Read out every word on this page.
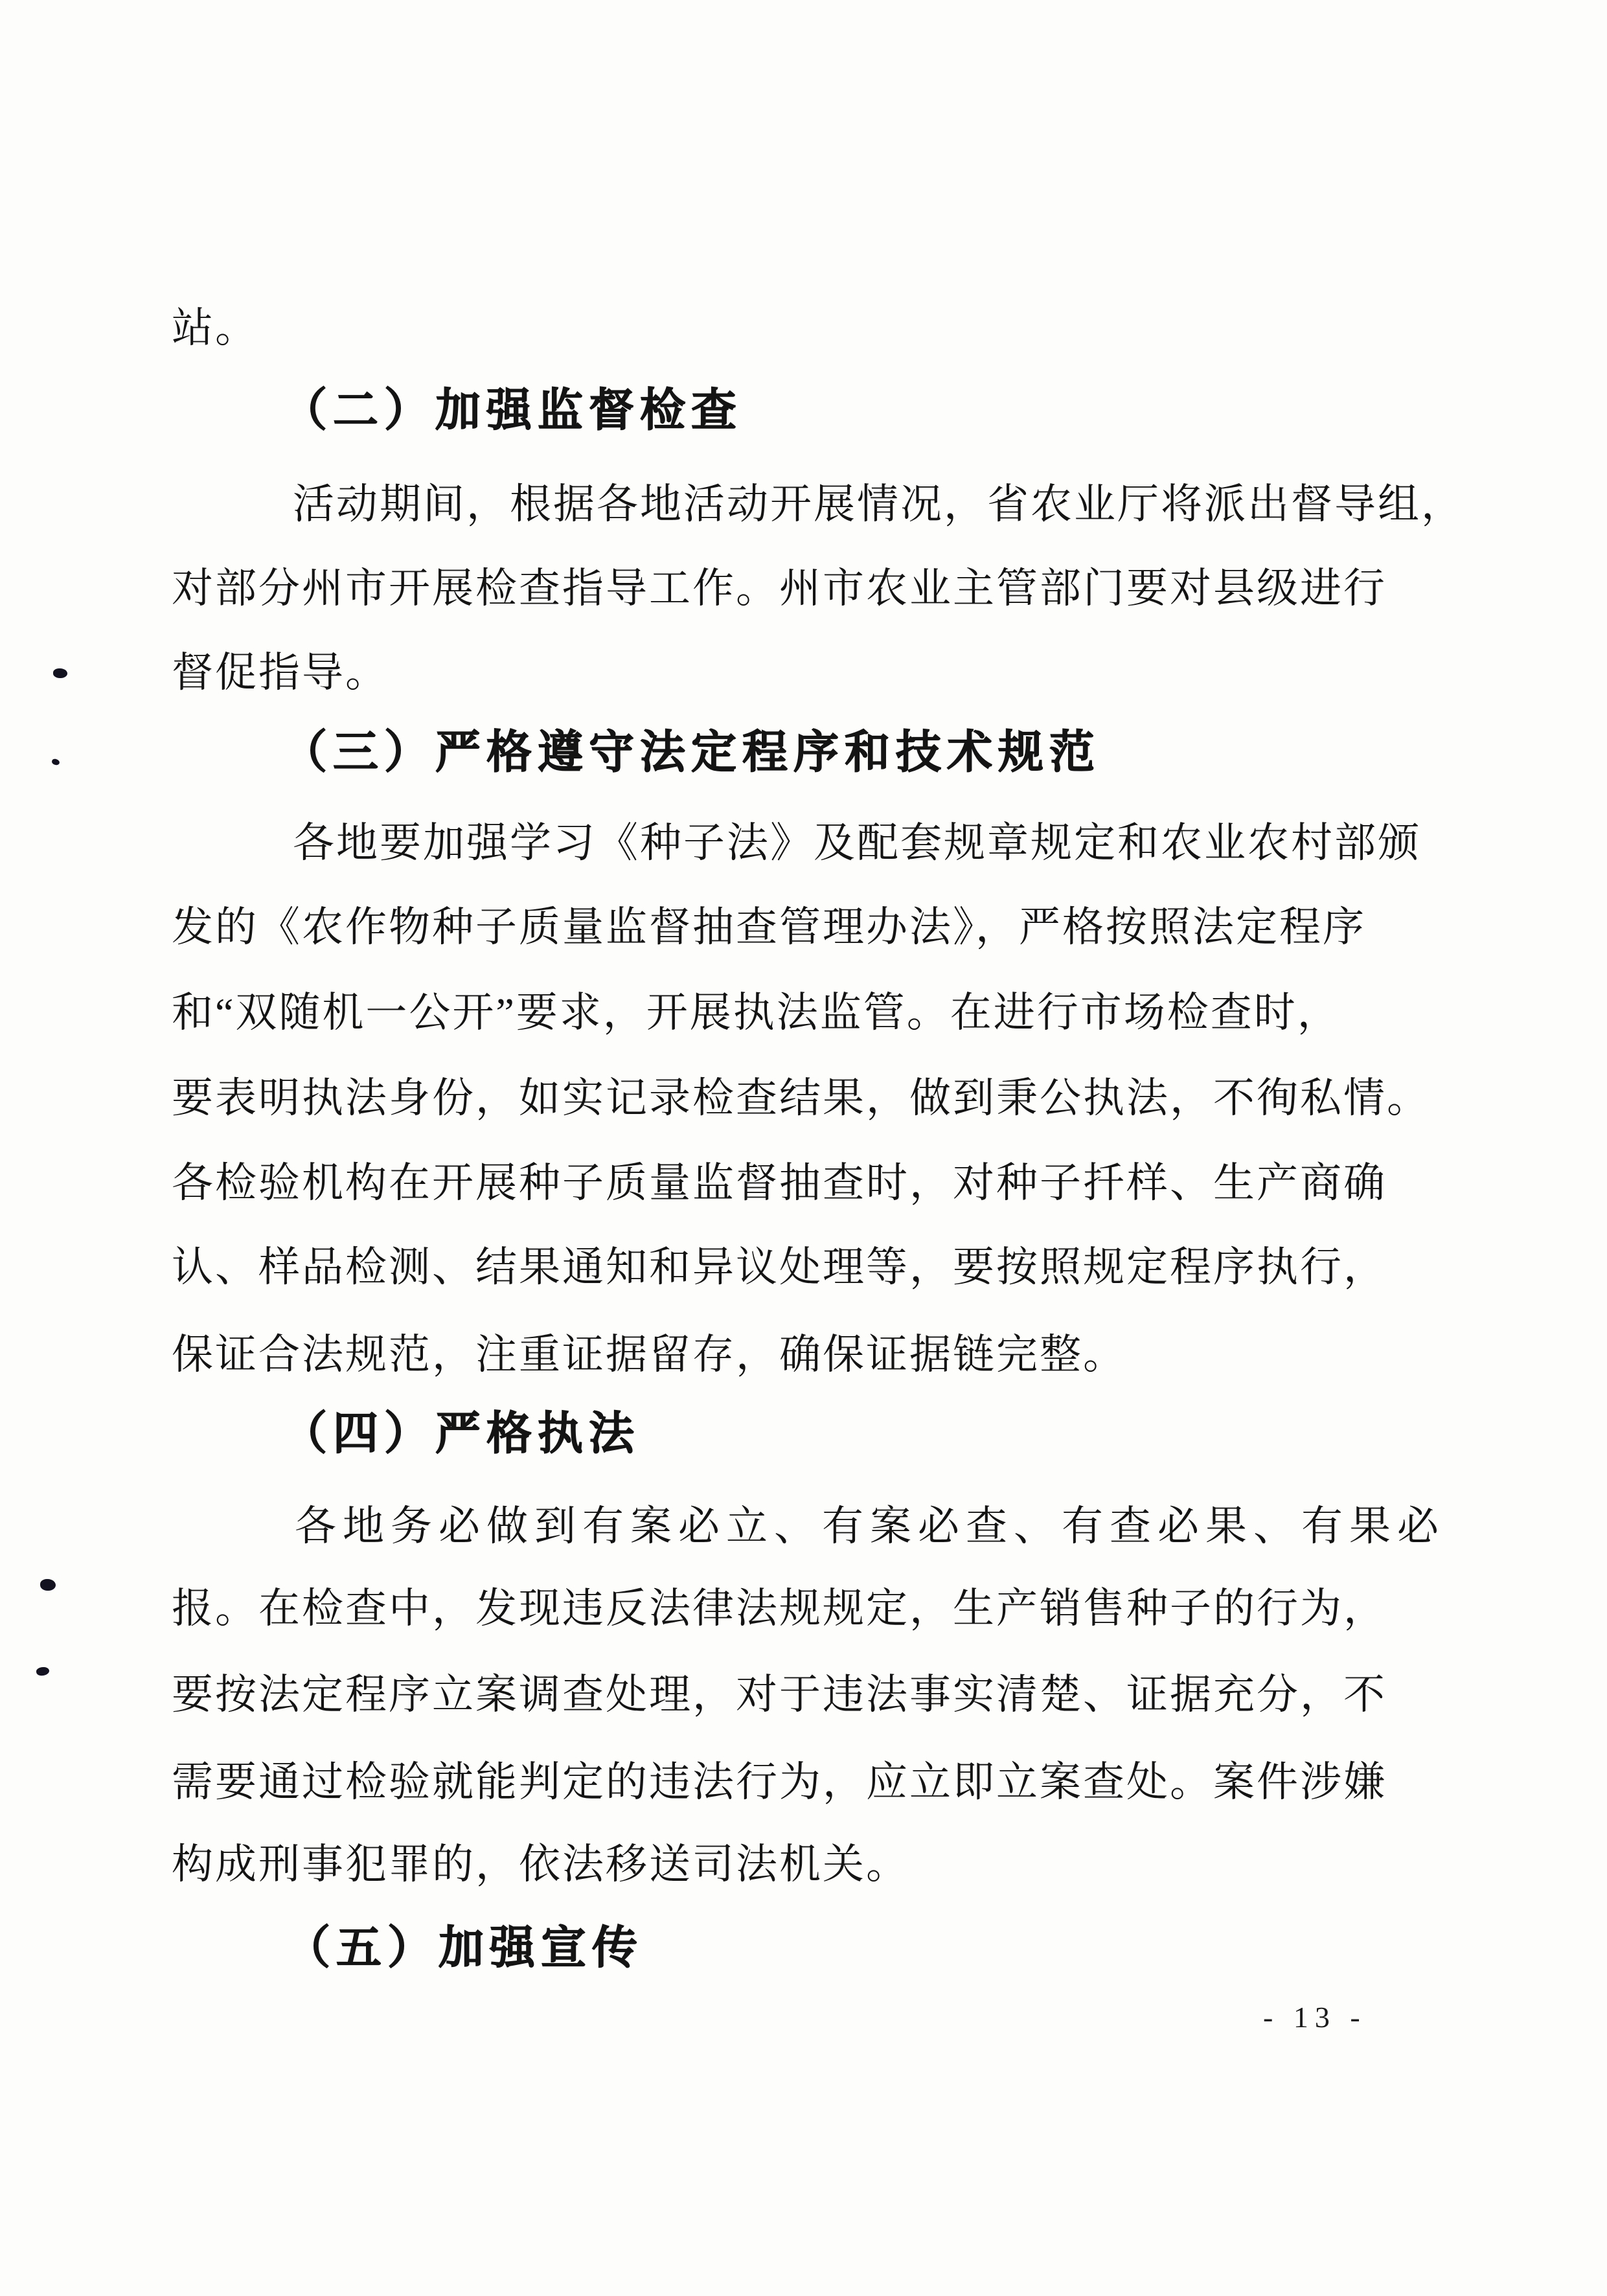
站。
（二）加强监督检查
活动期间，根据各地活动开展情况，省农业厅将派出督导组，
对部分州市开展检查指导工作。州市农业主管部门要对县级进行
督促指导。
（三）严格遵守法定程序和技术规范
各地要加强学习《种子法》及配套规章规定和农业农村部颁
发的《农作物种子质量监督抽查管理办法》，严格按照法定程序
和“双随机一公开”要求，开展执法监管。在进行市场检查时，
要表明执法身份，如实记录检查结果，做到秉公执法，不徇私情。
各检验机构在开展种子质量监督抽查时，对种子扦样、生产商确
认、样品检测、结果通知和异议处理等，要按照规定程序执行，
保证合法规范，注重证据留存，确保证据链完整。
（四）严格执法
各地务必做到有案必立、有案必查、有查必果、有果必
报。在检查中，发现违反法律法规规定，生产销售种子的行为，
要按法定程序立案调查处理，对于违法事实清楚、证据充分，不
需要通过检验就能判定的违法行为，应立即立案查处。案件涉嫌
构成刑事犯罪的，依法移送司法机关。
（五）加强宣传
- 13 -
